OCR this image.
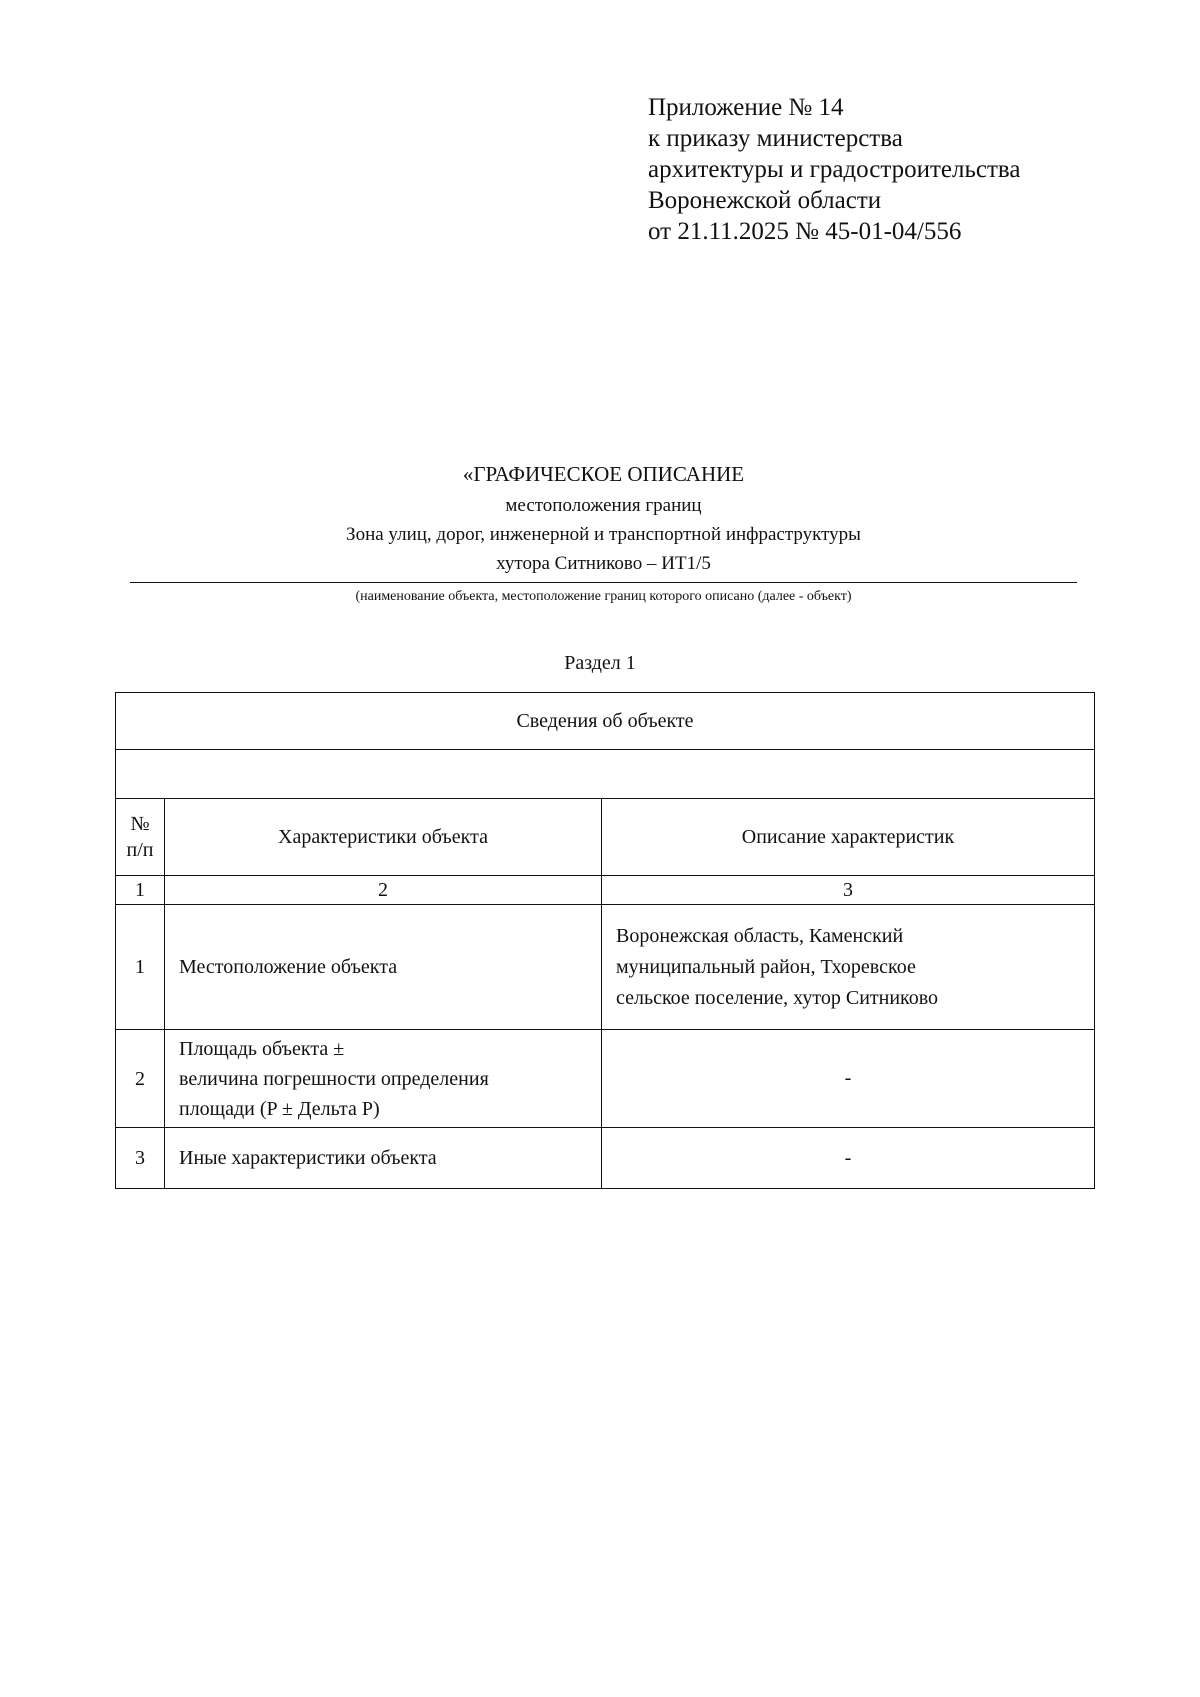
Приложение № 14
к приказу министерства
архитектуры и градостроительства
Воронежской области
от 21.11.2025 № 45-01-04/556
«ГРАФИЧЕСКОЕ ОПИСАНИЕ
местоположения границ
Зона улиц, дорог, инженерной и транспортной инфраструктуры
хутора Ситниково – ИТ1/5
(наименование объекта, местоположение границ которого описано (далее - объект)
Раздел 1
Сведения об объекте		

№
п/п	Характеристики объекта	Описание характеристик
1	2	3
1	Местоположение объекта	Воронежская область, Каменский
муниципальный район, Тхоревское
сельское поселение, хутор Ситниково

2	Площадь объекта ±
величина погрешности определения
площади (P ± Дельта P)	-
3	Иные характеристики объекта	-
